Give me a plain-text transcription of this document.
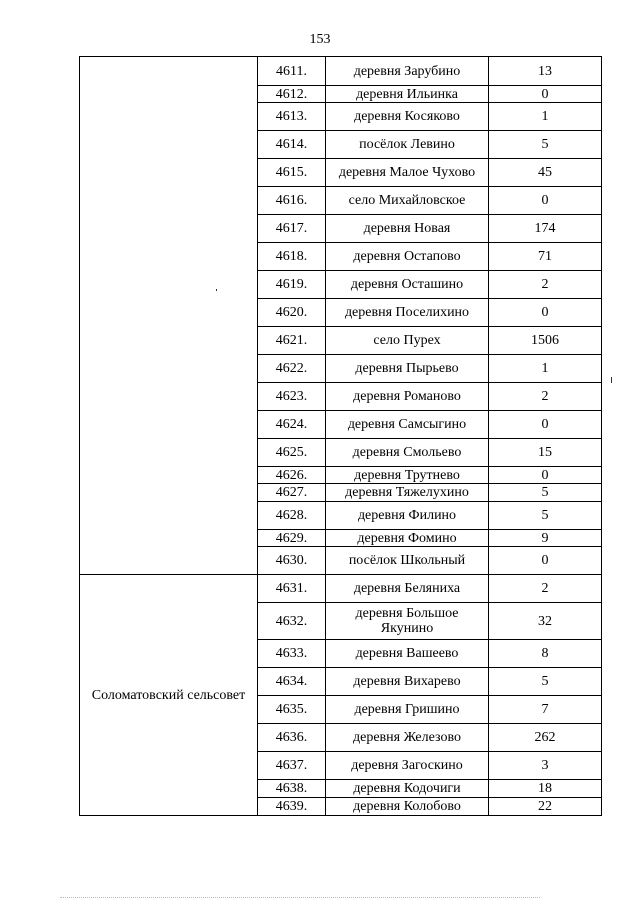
153
	4611.	деревня Зарубино	13
	4612.	деревня Ильинка	0
	4613.	деревня Косяково	1
	4614.	посёлок Левино	5
	4615.	деревня Малое Чухово	45
	4616.	село Михайловское	0
	4617.	деревня Новая	174
	4618.	деревня Остапово	71
	4619.	деревня Осташино	2
	4620.	деревня Поселихино	0
	4621.	село Пурех	1506
	4622.	деревня Пырьево	1
	4623.	деревня Романово	2
	4624.	деревня Самсыгино	0
	4625.	деревня Смольево	15
	4626.	деревня Трутнево	0
	4627.	деревня Тяжелухино	5
	4628.	деревня Филино	5
	4629.	деревня Фомино	9
	4630.	посёлок Школьный	0
Соломатовский сельсовет	4631.	деревня Беляниха	2
	4632.	деревня Большое Якунино	32
	4633.	деревня Вашеево	8
	4634.	деревня Вихарево	5
	4635.	деревня Гришино	7
	4636.	деревня Железово	262
	4637.	деревня Загоскино	3
	4638.	деревня Кодочиги	18
	4639.	деревня Колобово	22
